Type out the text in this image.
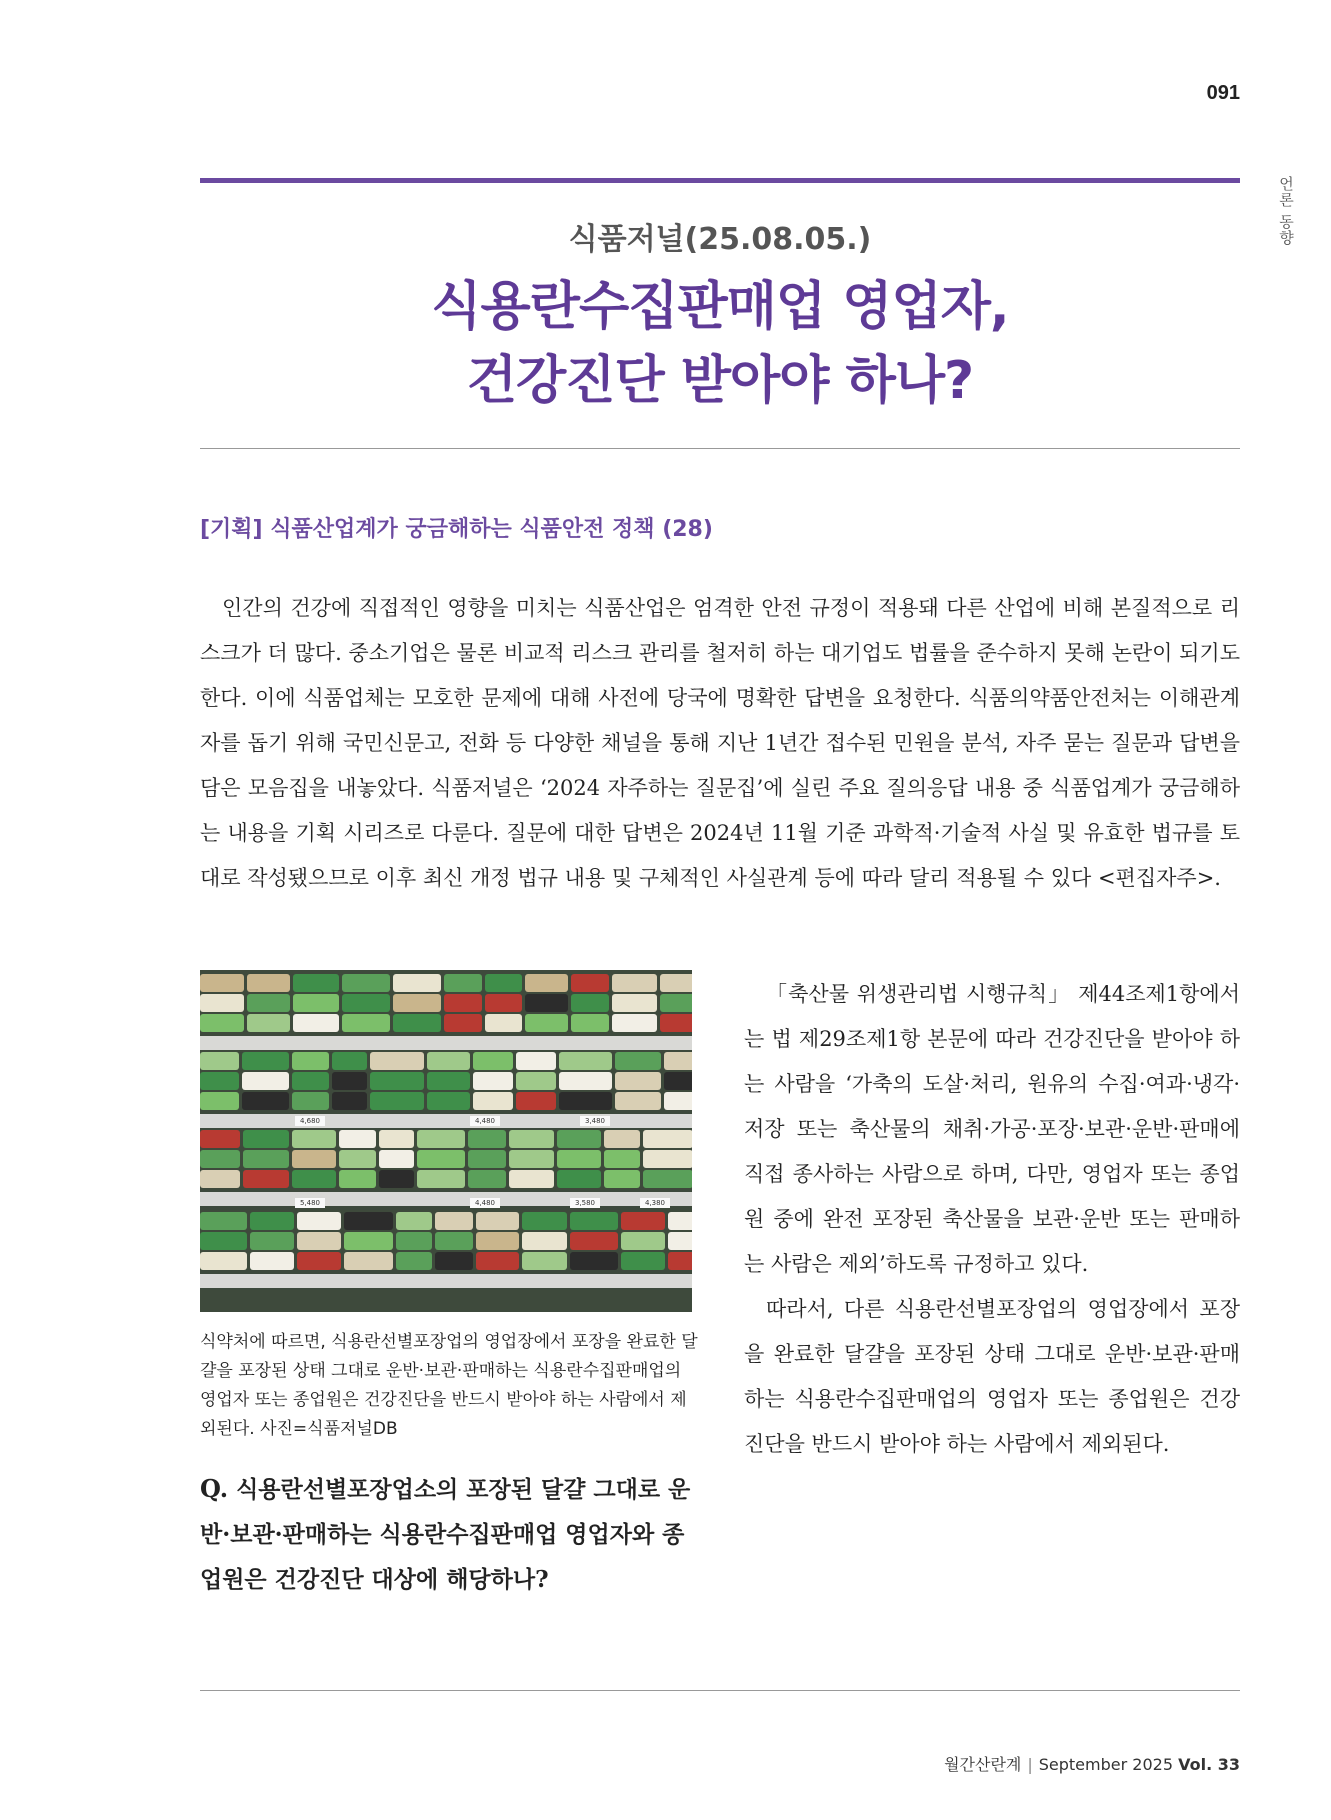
091
언론 동향
식품저널(25.08.05.)
식용란수집판매업 영업자,
건강진단 받아야 하나?
[기획] 식품산업계가 궁금해하는 식품안전 정책 (28)

인간의 건강에 직접적인 영향을 미치는 식품산업은 엄격한 안전 규정이 적용돼 다른 산업에 비해 본질적으로 리스크가 더 많다. 중소기업은 물론 비교적 리스크 관리를 철저히 하는 대기업도 법률을 준수하지 못해 논란이 되기도 한다. 이에 식품업체는 모호한 문제에 대해 사전에 당국에 명확한 답변을 요청한다. 식품의약품안전처는 이해관계자를 돕기 위해 국민신문고, 전화 등 다양한 채널을 통해 지난 1년간 접수된 민원을 분석, 자주 묻는 질문과 답변을 담은 모음집을 내놓았다. 식품저널은 ‘2024 자주하는 질문집’에 실린 주요 질의응답 내용 중 식품업계가 궁금해하는 내용을 기획 시리즈로 다룬다. 질문에 대한 답변은 2024년 11월 기준 과학적·기술적 사실 및 유효한 법규를 토대로 작성됐으므로 이후 최신 개정 법규 내용 및 구체적인 사실관계 등에 따라 달리 적용될 수 있다 <편집자주>.

4,680	4,480	3,480
5,480	4,480	3,580	4,380

식약처에 따르면, 식용란선별포장업의 영업장에서 포장을 완료한 달걀을 포장된 상태 그대로 운반·보관·판매하는 식용란수집판매업의 영업자 또는 종업원은 건강진단을 반드시 받아야 하는 사람에서 제외된다. 사진=식품저널DB

Q. 식용란선별포장업소의 포장된 달걀 그대로 운반·보관·판매하는 식용란수집판매업 영업자와 종업원은 건강진단 대상에 해당하나?

「축산물 위생관리법 시행규칙」 제44조제1항에서는 법 제29조제1항 본문에 따라 건강진단을 받아야 하는 사람을 ‘가축의 도살·처리, 원유의 수집·여과·냉각·저장 또는 축산물의 채취·가공·포장·보관·운반·판매에 직접 종사하는 사람으로 하며, 다만, 영업자 또는 종업원 중에 완전 포장된 축산물을 보관·운반 또는 판매하는 사람은 제외’하도록 규정하고 있다.

따라서, 다른 식용란선별포장업의 영업장에서 포장을 완료한 달걀을 포장된 상태 그대로 운반·보관·판매하는 식용란수집판매업의 영업자 또는 종업원은 건강진단을 반드시 받아야 하는 사람에서 제외된다.

월간산란계 | September 2025 Vol. 33
